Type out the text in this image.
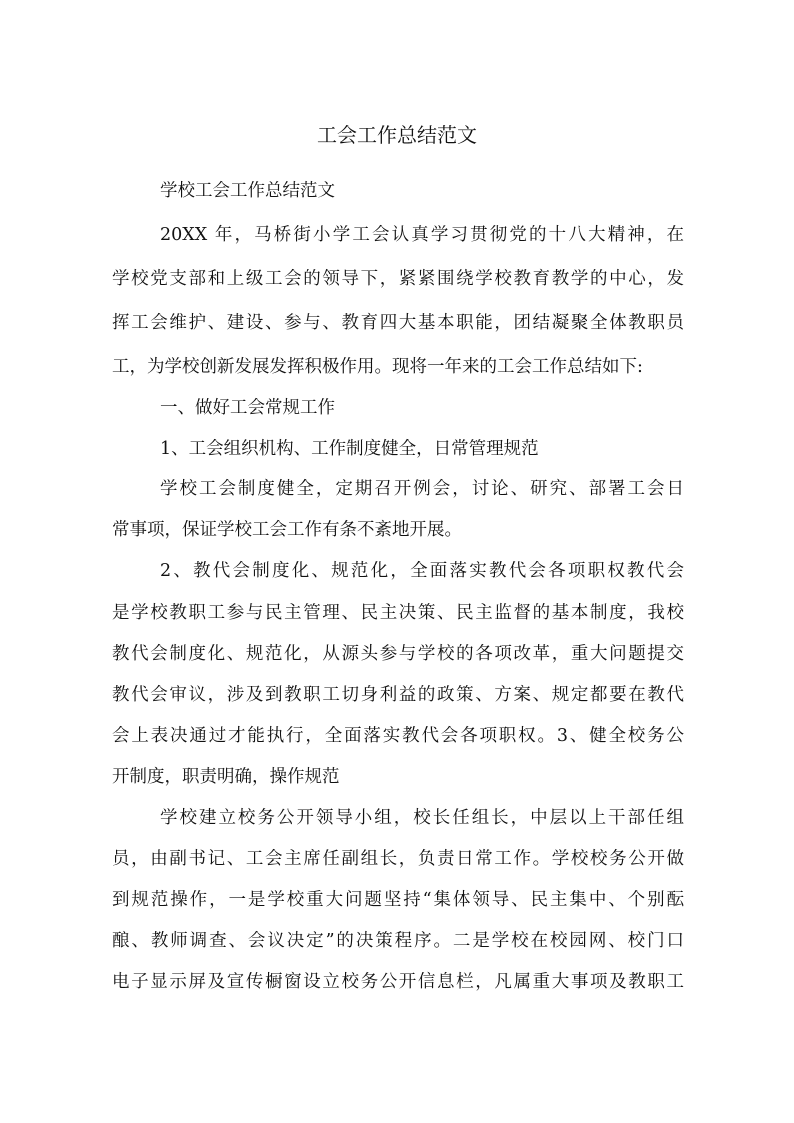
工会工作总结范文
学校工会工作总结范文
20XX 年，马桥街小学工会认真学习贯彻党的十八大精神，在
学校党支部和上级工会的领导下，紧紧围绕学校教育教学的中心，发
挥工会维护、建设、参与、教育四大基本职能，团结凝聚全体教职员
工，为学校创新发展发挥积极作用。现将一年来的工会工作总结如下:
一、做好工会常规工作
1、工会组织机构、工作制度健全，日常管理规范
学校工会制度健全，定期召开例会，讨论、研究、部署工会日
常事项，保证学校工会工作有条不紊地开展。
2、教代会制度化、规范化，全面落实教代会各项职权教代会
是学校教职工参与民主管理、民主决策、民主监督的基本制度，我校
教代会制度化、规范化，从源头参与学校的各项改革，重大问题提交
教代会审议，涉及到教职工切身利益的政策、方案、规定都要在教代
会上表决通过才能执行，全面落实教代会各项职权。3、健全校务公
开制度，职责明确，操作规范
学校建立校务公开领导小组，校长任组长，中层以上干部任组
员，由副书记、工会主席任副组长，负责日常工作。学校校务公开做
到规范操作，一是学校重大问题坚持“集体领导、民主集中、个别酝
酿、教师调查、会议决定”的决策程序。二是学校在校园网、校门口
电子显示屏及宣传橱窗设立校务公开信息栏，凡属重大事项及教职工
